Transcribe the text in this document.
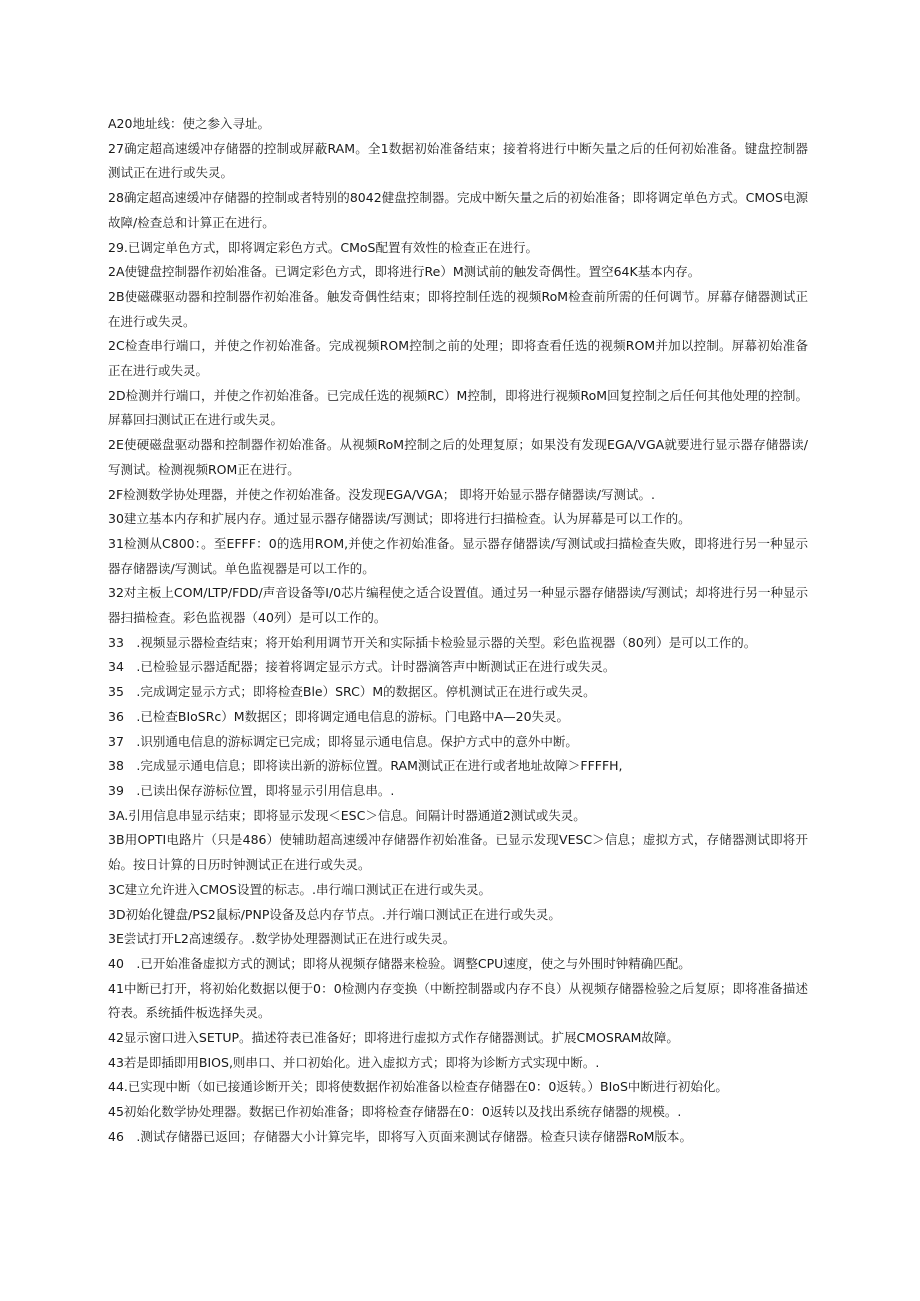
A20地址线：使之参入寻址。

27确定超高速缓冲存储器的控制或屏蔽RAM。全1数据初始准备结束；接着将进行中断矢量之后的任何初始准备。键盘控制器测试正在进行或失灵。

28确定超高速缓冲存储器的控制或者特别的8042健盘控制器。完成中断矢量之后的初始准备；即将调定单色方式。CMOS电源故障/检查总和计算正在进行。

29.已调定单色方式，即将调定彩色方式。CMoS配置有效性的检查正在进行。

2A使键盘控制器作初始准备。已调定彩色方式，即将进行Re）M测试前的触发奇偶性。置空64K基本内存。

2B使磁碟驱动器和控制器作初始准备。触发奇偶性结束；即将控制任选的视频RoM检查前所需的任何调节。屏幕存储器测试正在进行或失灵。

2C检查串行端口，并使之作初始准备。完成视频ROM控制之前的处理；即将查看任选的视频ROM并加以控制。屏幕初始准备正在进行或失灵。

2D检测并行端口，并使之作初始准备。已完成任选的视频RC）M控制，即将进行视频RoM回复控制之后任何其他处理的控制。屏幕回扫测试正在进行或失灵。

2E使硬磁盘驱动器和控制器作初始准备。从视频RoM控制之后的处理复原；如果没有发现EGA/VGA就要进行显示器存储器读/写测试。检测视频ROM正在进行。

2F检测数学协处理器，并使之作初始准备。没发现EGA/VGA； 即将开始显示器存储器读/写测试。.

30建立基本内存和扩展内存。通过显示器存储器读/写测试；即将进行扫描检查。认为屏幕是可以工作的。

31检测从C800：。至EFFF：0的选用ROM,并使之作初始准备。显示器存储器读/写测试或扫描检查失败，即将进行另一种显示器存储器读/写测试。单色监视器是可以工作的。

32对主板上COM/LTP/FDD/声音设备等I/0芯片编程使之适合设置值。通过另一种显示器存储器读/写测试；却将进行另一种显示器扫描检查。彩色监视器（40列）是可以工作的。

33　.视频显示器检查结束；将开始利用调节开关和实际插卡检验显示器的关型。彩色监视器（80列）是可以工作的。

34　.已检验显示器适配器；接着将调定显示方式。计时器滴答声中断测试正在进行或失灵。

35　.完成调定显示方式；即将检查Ble）SRC）M的数据区。停机测试正在进行或失灵。

36　.已检查BIoSRc）M数据区；即将调定通电信息的游标。门电路中A—20失灵。

37　.识别通电信息的游标调定已完成；即将显示通电信息。保护方式中的意外中断。

38　.完成显示通电信息；即将读出新的游标位置。RAM测试正在进行或者地址故障＞FFFFH,

39　.已读出保存游标位置，即将显示引用信息串。.

3A.引用信息串显示结束；即将显示发现＜ESC＞信息。间隔计时器通道2测试或失灵。

3B用OPTI电路片（只是486）使辅助超高速缓冲存储器作初始准备。已显示发现VESC＞信息；虚拟方式，存储器测试即将开始。按日计算的日历时钟测试正在进行或失灵。

3C建立允许进入CMOS设置的标志。.串行端口测试正在进行或失灵。

3D初始化键盘/PS2鼠标/PNP设备及总内存节点。.并行端口测试正在进行或失灵。

3E尝试打开L2高速缓存。.数学协处理器测试正在进行或失灵。

40　.已开始准备虚拟方式的测试；即将从视频存储器来检验。调整CPU速度，使之与外围时钟精确匹配。

41中断已打开，将初始化数据以便于0：0检测内存变换（中断控制器或内存不良）从视频存储器检验之后复原；即将准备描述符表。系统插件板选择失灵。

42显示窗口进入SETUP。描述符表已准备好；即将进行虚拟方式作存储器测试。扩展CMOSRAM故障。

43若是即插即用BIOS,则串口、并口初始化。进入虚拟方式；即将为诊断方式实现中断。.

44.已实现中断（如已接通诊断开关；即将使数据作初始准备以检查存储器在0：0返转。）BIoS中断进行初始化。

45初始化数学协处理器。数据已作初始准备；即将检查存储器在0：0返转以及找出系统存储器的规模。.

46　.测试存储器已返回；存储器大小计算完毕，即将写入页面来测试存储器。检查只读存储器RoM版本。
